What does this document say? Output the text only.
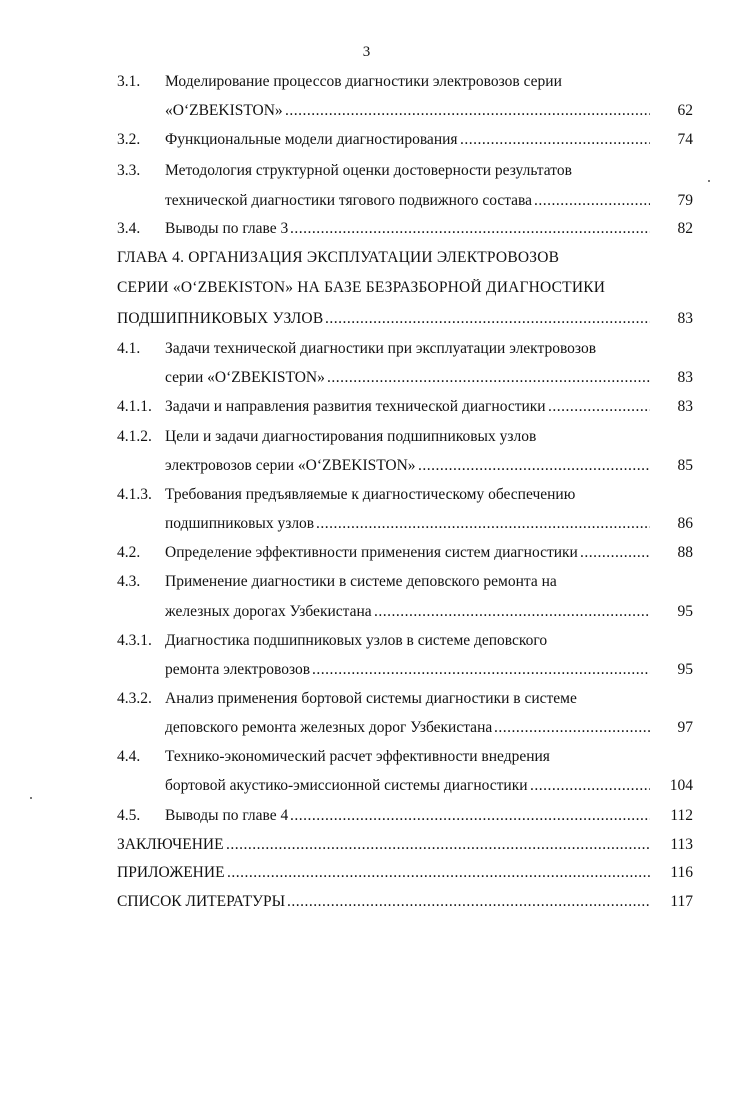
3
3.1. Моделирование процессов диагностики электровозов серии
«O‘ZBEKISTON» .....	62
3.2. Функциональные модели диагностирования .....	74
3.3. Методология структурной оценки достоверности результатов
технической диагностики тягового подвижного состава .....	79
3.4. Выводы по главе 3 .....	82
ГЛАВА 4. ОРГАНИЗАЦИЯ ЭКСПЛУАТАЦИИ ЭЛЕКТРОВОЗОВ
СЕРИИ «O‘ZBEKISTON» НА БАЗЕ БЕЗРАЗБОРНОЙ ДИАГНОСТИКИ
ПОДШИПНИКОВЫХ УЗЛОВ .....	83
4.1. Задачи технической диагностики при эксплуатации электровозов
серии «O‘ZBEKISTON» .....	83
4.1.1. Задачи и направления развития технической диагностики .....	83
4.1.2. Цели и задачи диагностирования подшипниковых узлов
электровозов серии «O‘ZBEKISTON» .....	85
4.1.3. Требования предъявляемые к диагностическому обеспечению
подшипниковых узлов .....	86
4.2. Определение эффективности применения систем диагностики .....	88
4.3. Применение диагностики в системе деповского ремонта на
железных дорогах Узбекистана .....	95
4.3.1. Диагностика подшипниковых узлов в системе деповского
ремонта электровозов .....	95
4.3.2. Анализ применения бортовой системы диагностики в системе
деповского ремонта железных дорог Узбекистана .....	97
4.4. Технико-экономический расчет эффективности внедрения
бортовой акустико-эмиссионной системы диагностики .....	104
4.5. Выводы по главе 4 .....	112
ЗАКЛЮЧЕНИЕ .....	113
ПРИЛОЖЕНИЕ .....	116
СПИСОК ЛИТЕРАТУРЫ .....	117
